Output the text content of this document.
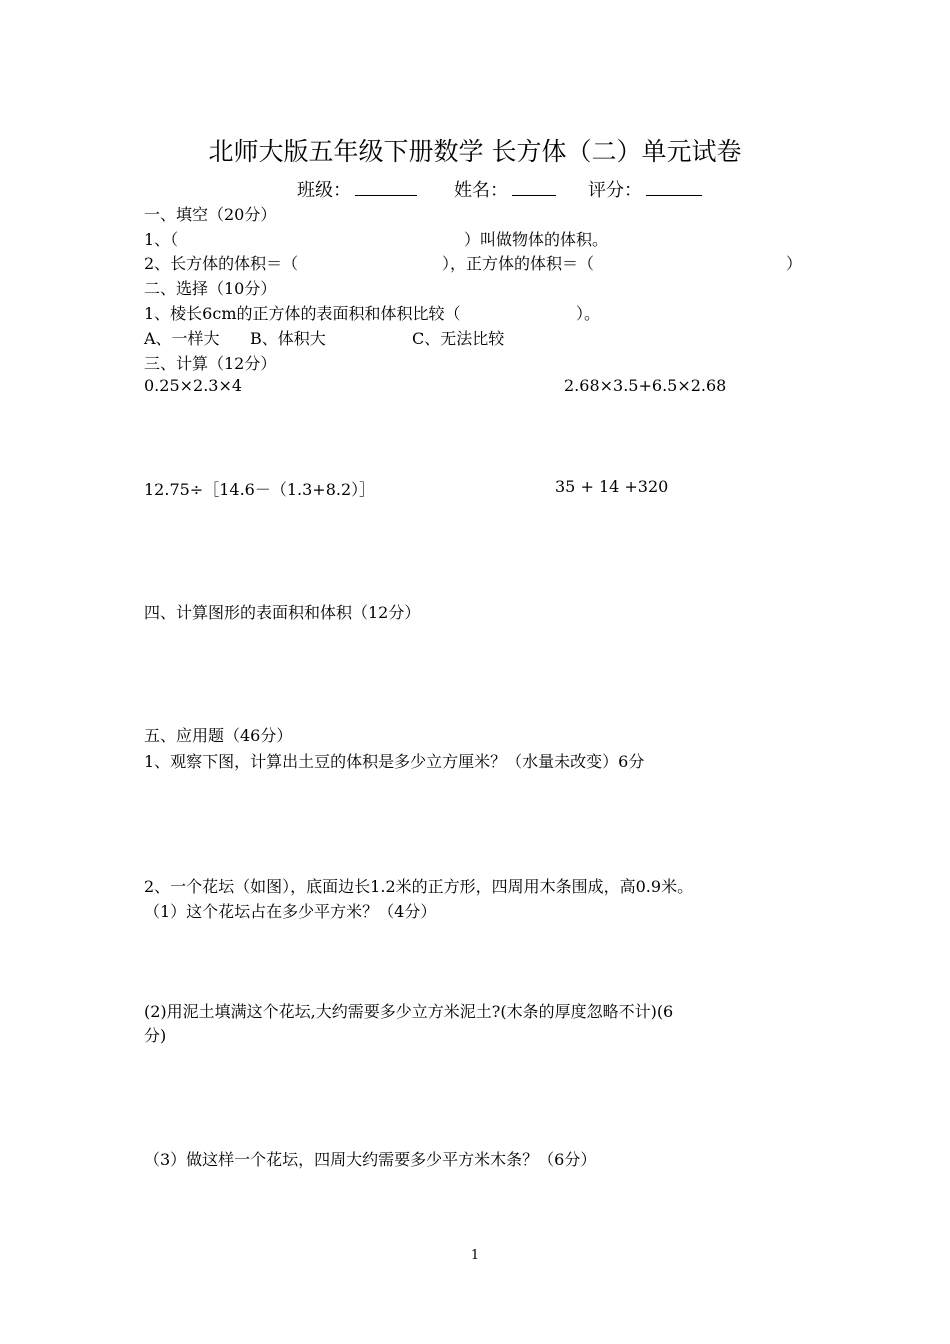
北师大版五年级下册数学 长方体（二）单元试卷
班级：	姓名：	评分：
一、填空（20分）
1、（	）叫做物体的体积。
2、长方体的体积＝（	），正方体的体积＝（	）
二、选择（10分）
1、棱长6cm的正方体的表面积和体积比较（	）。
A、一样大 B、体积大	C、无法比较
三、计算（12分）
0.25×2.3×4	2.68×3.5+6.5×2.68
12.75÷［14.6－（1.3+8.2）］	35 + 14 +320
四、计算图形的表面积和体积（12分）
五、应用题（46分）
1、观察下图，计算出土豆的体积是多少立方厘米？（水量未改变）6分
2、一个花坛（如图），底面边长1.2米的正方形，四周用木条围成，高0.9米。
（1）这个花坛占在多少平方米？（4分）
(2)用泥土填满这个花坛,大约需要多少立方米泥土?(木条的厚度忽略不计)(6
分)
（3）做这样一个花坛，四周大约需要多少平方米木条？（6分）
1
